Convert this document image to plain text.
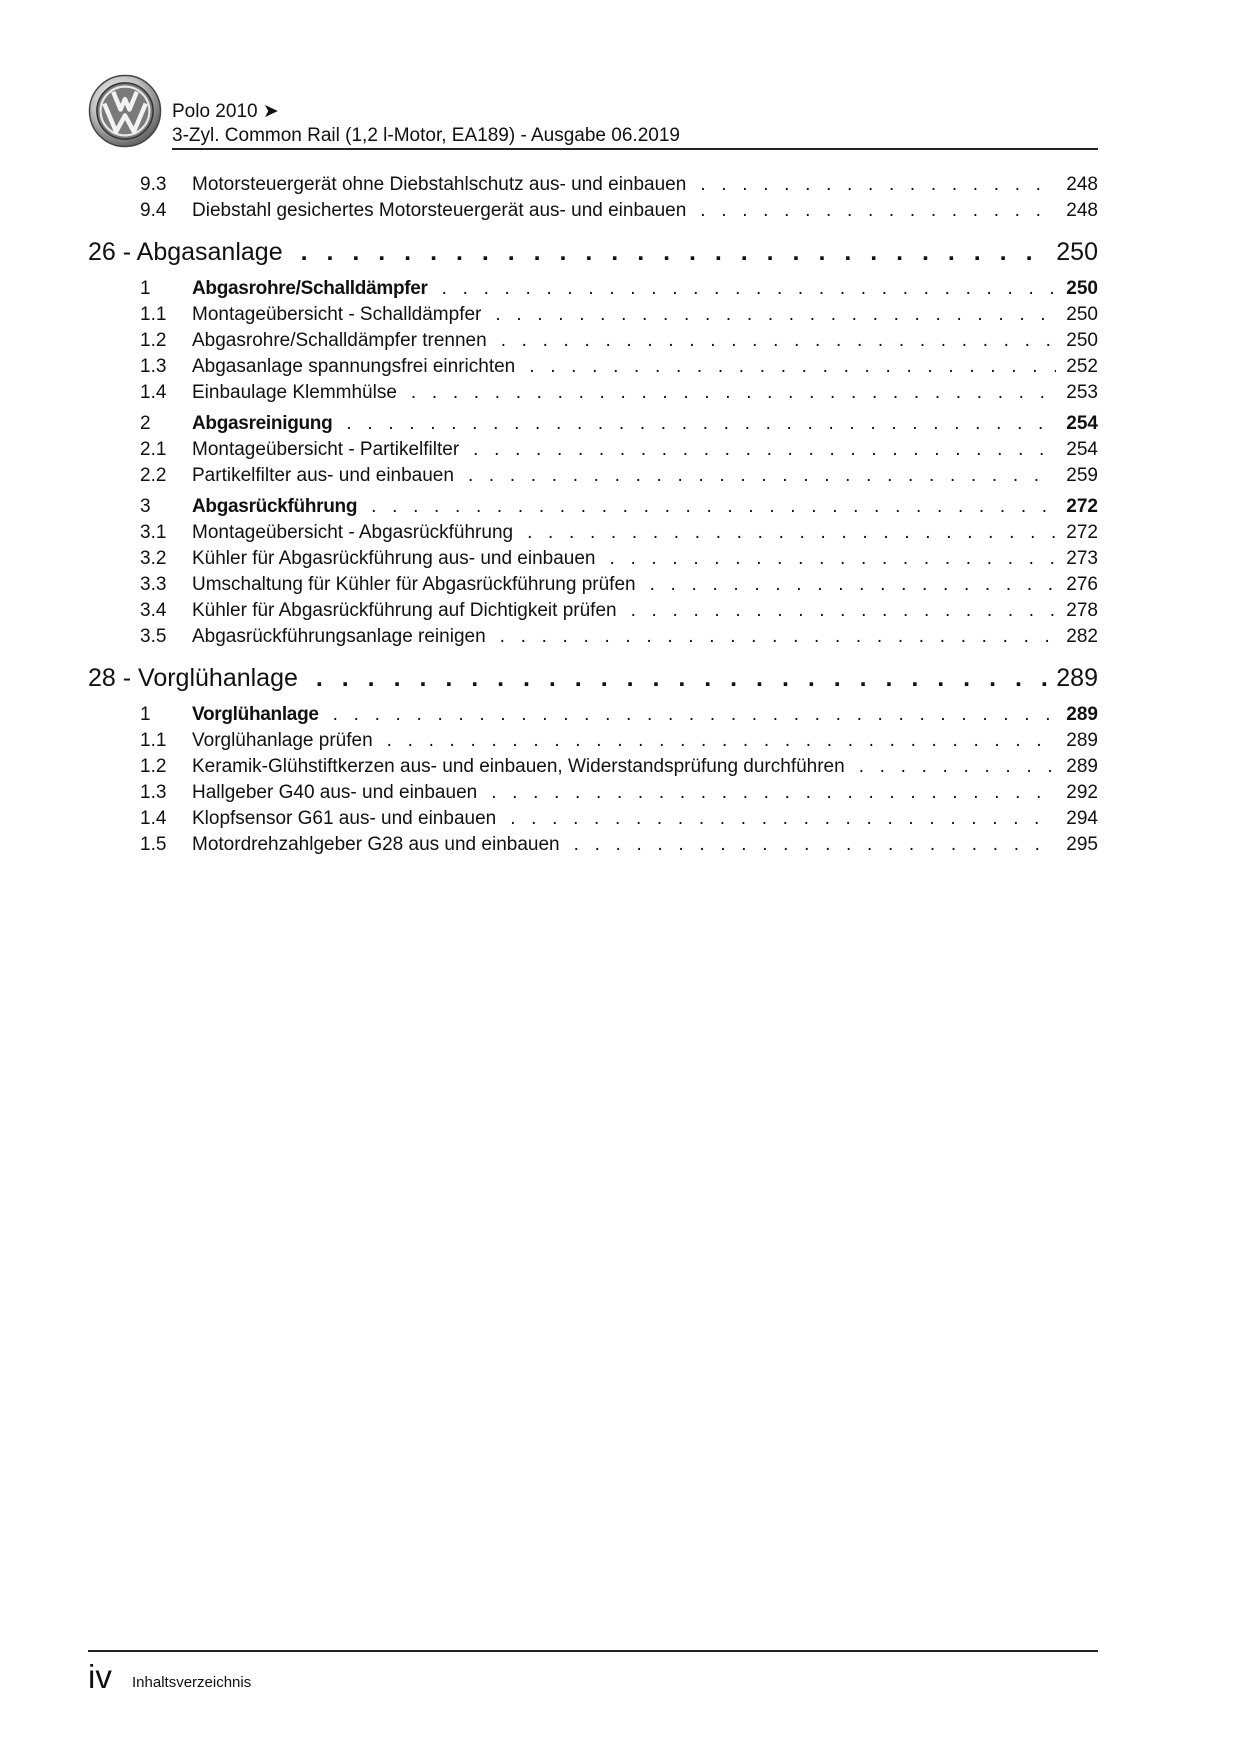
Polo 2010 ➤
3-Zyl. Common Rail (1,2 l-Motor, EA189) - Ausgabe 06.2019
9.3	Motorsteuergerät ohne Diebstahlschutz aus- und einbauen . . .	248
9.4	Diebstahl gesichertes Motorsteuergerät aus- und einbauen . . .	248
26 - Abgasanlage . . .	250
1	Abgasrohre/Schalldämpfer . . .	250
1.1	Montageübersicht - Schalldämpfer . . .	250
1.2	Abgasrohre/Schalldämpfer trennen . . .	250
1.3	Abgasanlage spannungsfrei einrichten . . .	252
1.4	Einbaulage Klemmhülse . . .	253
2	Abgasreinigung . . .	254
2.1	Montageübersicht - Partikelfilter . . .	254
2.2	Partikelfilter aus- und einbauen . . .	259
3	Abgasrückführung . . .	272
3.1	Montageübersicht - Abgasrückführung . . .	272
3.2	Kühler für Abgasrückführung aus- und einbauen . . .	273
3.3	Umschaltung für Kühler für Abgasrückführung prüfen . . .	276
3.4	Kühler für Abgasrückführung auf Dichtigkeit prüfen . . .	278
3.5	Abgasrückführungsanlage reinigen . . .	282
28 - Vorglühanlage . . .	289
1	Vorglühanlage . . .	289
1.1	Vorglühanlage prüfen . . .	289
1.2	Keramik-Glühstiftkerzen aus- und einbauen, Widerstandsprüfung durchführen . . .	289
1.3	Hallgeber G40 aus- und einbauen . . .	292
1.4	Klopfsensor G61 aus- und einbauen . . .	294
1.5	Motordrehzahlgeber G28 aus und einbauen . . .	295
iv Inhaltsverzeichnis
